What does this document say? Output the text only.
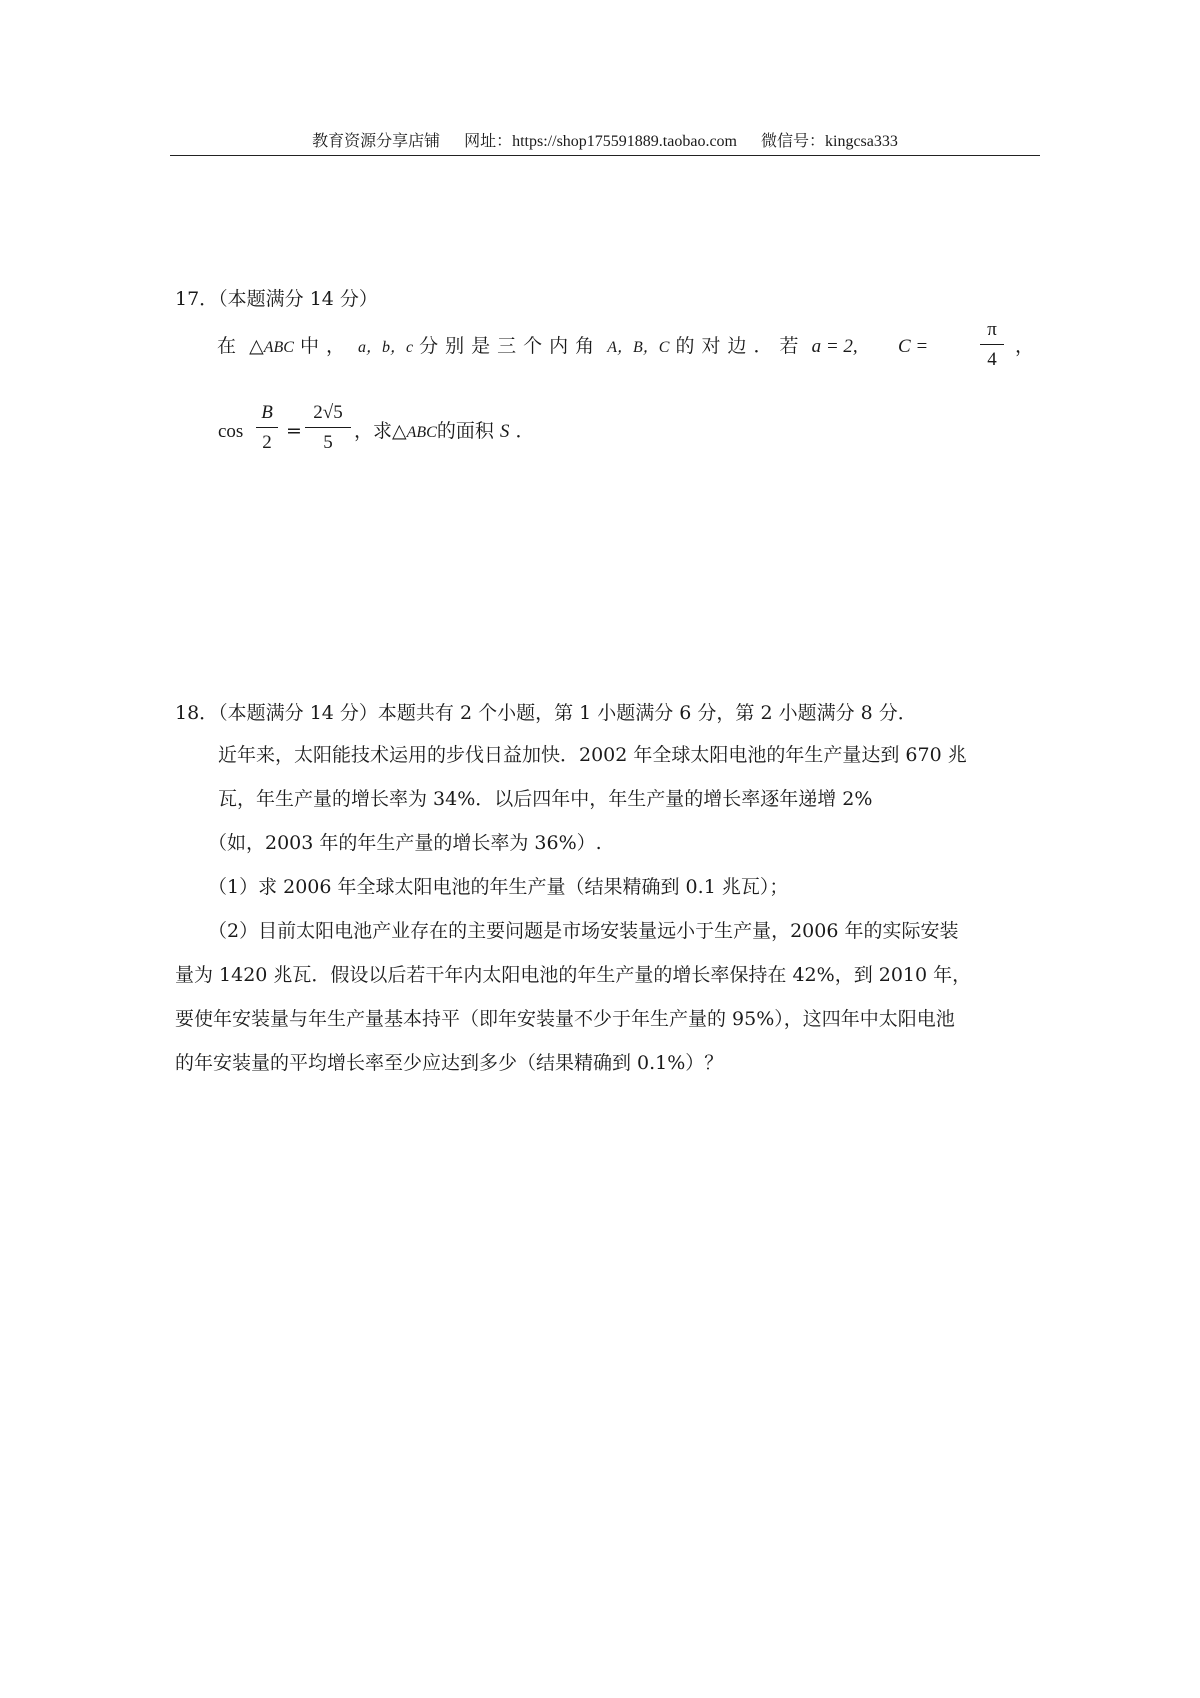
教育资源分享店铺 网址：https://shop175591889.taobao.com 微信号：kingcsa333
17．（本题满分 14 分）
在 △ABC 中， a，b，c 分别是三个内角 A，B，C 的对边．若 a = 2, C =
π
4
，
cos
B
2
=
2√5
5
，求△ABC的面积 S ．
18．（本题满分 14 分）本题共有 2 个小题，第 1 小题满分 6 分，第 2 小题满分 8 分．
近年来，太阳能技术运用的步伐日益加快．2002 年全球太阳电池的年生产量达到 670 兆
瓦，年生产量的增长率为 34%．以后四年中，年生产量的增长率逐年递增 2%
（如，2003 年的年生产量的增长率为 36%）.
（1）求 2006 年全球太阳电池的年生产量（结果精确到 0.1 兆瓦）；
（2）目前太阳电池产业存在的主要问题是市场安装量远小于生产量，2006 年的实际安装
量为 1420 兆瓦．假设以后若干年内太阳电池的年生产量的增长率保持在 42%，到 2010 年，
要使年安装量与年生产量基本持平（即年安装量不少于年生产量的 95%），这四年中太阳电池
的年安装量的平均增长率至少应达到多少（结果精确到 0.1%）？
